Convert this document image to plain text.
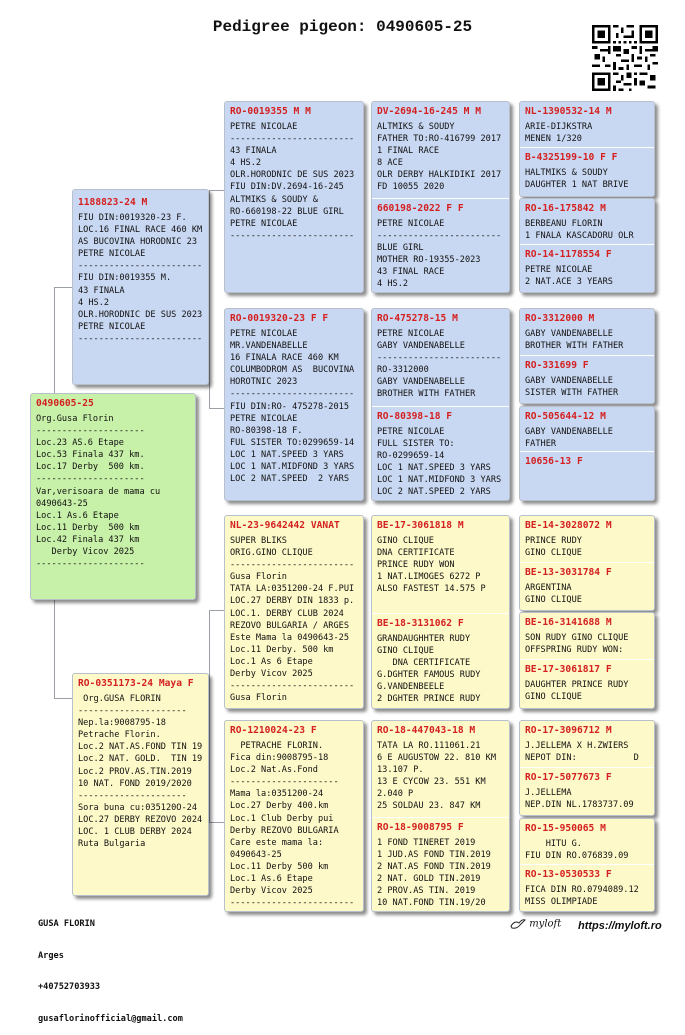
Pedigree pigeon: 0490605-25
0490605-25
Org.Gusa Florin
---------------------
Loc.23 AS.6 Etape
Loc.53 Finala 437 km.
Loc.17 Derby  500 km.
---------------------
Var,verisoara de mama cu
0490643-25
Loc.1 As.6 Etape
Loc.11 Derby  500 km
Loc.42 Finala 437 km
Derby Vicov 2025
---------------------
1188823-24 M
FIU DIN:0019320-23 F.
LOC.16 FINAL RACE 460 KM
AS BUCOVINA HORODNIC 23
PETRE NICOLAE
------------------------
FIU DIN:0019355 M.
43 FINALA
4 HS.2
OLR.HORODNIC DE SUS 2023
PETRE NICOLAE
------------------------
RO-0351173-24 Maya F
Org.GUSA FLORIN
---------------------
Nep.la:9008795-18
Petrache Florin.
Loc.2 NAT.AS.FOND TIN 19
Loc.2 NAT. GOLD.  TIN 19
Loc.2 PROV.AS.TIN.2019
10 NAT. FOND 2019/2020
---------------------
Sora buna cu:035120O-24
LOC.27 DERBY REZOVO 2024
LOC. 1 CLUB DERBY 2024
Ruta Bulgaria
RO-0019355 M M
PETRE NICOLAE
------------------------
43 FINALA
4 HS.2
OLR.HORODNIC DE SUS 2023
FIU DIN:DV.2694-16-245
ALTMIKS & SOUDY &
RO-660198-22 BLUE GIRL
PETRE NICOLAE
------------------------
RO-0019320-23 F F
PETRE NICOLAE
MR.VANDENABELLE
16 FINALA RACE 460 KM
COLUMBODROM AS  BUCOVINA
HOROTNIC 2023
------------------------
FIU DIN:RO- 475278-2015
PETRE NICOLAE
RO-80398-18 F.
FUL SISTER TO:0299659-14
LOC 1 NAT.SPEED 3 YARS
LOC 1 NAT.MIDFOND 3 YARS
LOC 2 NAT.SPEED  2 YARS
NL-23-9642442 VANAT
SUPER BLIKS
ORIG.GINO CLIQUE
------------------------
Gusa Florin
TATA LA:0351200-24 F.PUI
LOC.27 DERBY DIN 1833 p.
LOC.1. DERBY CLUB 2024
REZOVO BULGARIA / ARGES
Este Mama la 0490643-25
Loc.11 Derby. 500 km
Loc.1 As 6 Etape
Derby Vicov 2025
------------------------
Gusa Florin
RO-1210024-23 F
PETRACHE FLORIN.
Fica din:9008795-18
Loc.2 Nat.As.Fond
---------------------
Mama la:0351200-24
Loc.27 Derby 400.km
Loc.1 Club Derby pui
Derby REZOVO BULGARIA
Care este mama la:
0490643-25
Loc.11 Derby 500 km
Loc.1 As.6 Etape
Derby Vicov 2025
------------------------
DV-2694-16-245 M M
ALTMIKS & SOUDY
FATHER TO:RO-416799 2017
1 FINAL RACE
8 ACE
OLR DERBY HALKIDIKI 2017
FD 10055 2020
660198-2022 F F
PETRE NICOLAE
------------------------
BLUE GIRL
MOTHER RO-19355-2023
43 FINAL RACE
4 HS.2
RO-475278-15 M
PETRE NICOLAE
GABY VANDENABELLE
------------------------
RO-3312000
GABY VANDENABELLE
BROTHER WITH FATHER
RO-80398-18 F
PETRE NICOLAE
FULL SISTER TO:
RO-0299659-14
LOC 1 NAT.SPEED 3 YARS
LOC 1 NAT.MIDFOND 3 YARS
LOC 2 NAT.SPEED 2 YARS
BE-17-3061818 M
GINO CLIQUE
DNA CERTIFICATE
PRINCE RUDY WON
1 NAT.LIMOGES 6272 P
ALSO FASTEST 14.575 P
BE-18-3131062 F
GRANDAUGHHTER RUDY
GINO CLIQUE
DNA CERTIFICATE
G.DGHTER FAMOUS RUDY
G.VANDENBEELE
2 DGHTER PRINCE RUDY
RO-18-447043-18 M
TATA LA RO.111061.21
6 E AUGUSTOW 22. 810 KM
13.107 P.
13 E CYCOW 23. 551 KM
2.040 P
25 SOLDAU 23. 847 KM
RO-18-9008795 F
1 FOND TINERET 2019
1 JUD.AS FOND TIN.2019
2 NAT.AS FOND TIN.2019
2 NAT. GOLD TIN.2019
2 PROV.AS TIN. 2019
10 NAT.FOND TIN.19/20
NL-1390532-14 M
ARIE-DIJKSTRA
MENEN 1/320
B-4325199-10 F F
HALTMIKS & SOUDY
DAUGHTER 1 NAT BRIVE
RO-16-175842 M
BERBEANU FLORIN
1 FNALA KASCADORU OLR
RO-14-1178554 F
PETRE NICOLAE
2 NAT.ACE 3 YEARS
RO-3312000 M
GABY VANDENABELLE
BROTHER WITH FATHER
RO-331699 F
GABY VANDENABELLE
SISTER WITH FATHER
RO-505644-12 M
GABY VANDENABELLE
FATHER
10656-13 F
BE-14-3028072 M
PRINCE RUDY
GINO CLIQUE
BE-13-3031784 F
ARGENTINA
GINO CLIQUE
BE-16-3141688 M
SON RUDY GINO CLIQUE
OFFSPRING RUDY WON:
BE-17-3061817 F
DAUGHTER PRINCE RUDY
GINO CLIQUE
RO-17-3096712 M
J.JELLEMA X H.ZWIERS
NEPOT DIN:           D
RO-17-5077673 F
J.JELLEMA
NEP.DIN NL.1783737.09
RO-15-950065 M
HITU G.
FIU DIN RO.076839.09
RO-13-0530533 F
FICA DIN RO.0794089.12
MISS OLIMPIADE

GUSA FLORIN

Arges

+40752703933

gusaflorinofficial@gmail.com

myloft https://myloft.ro
